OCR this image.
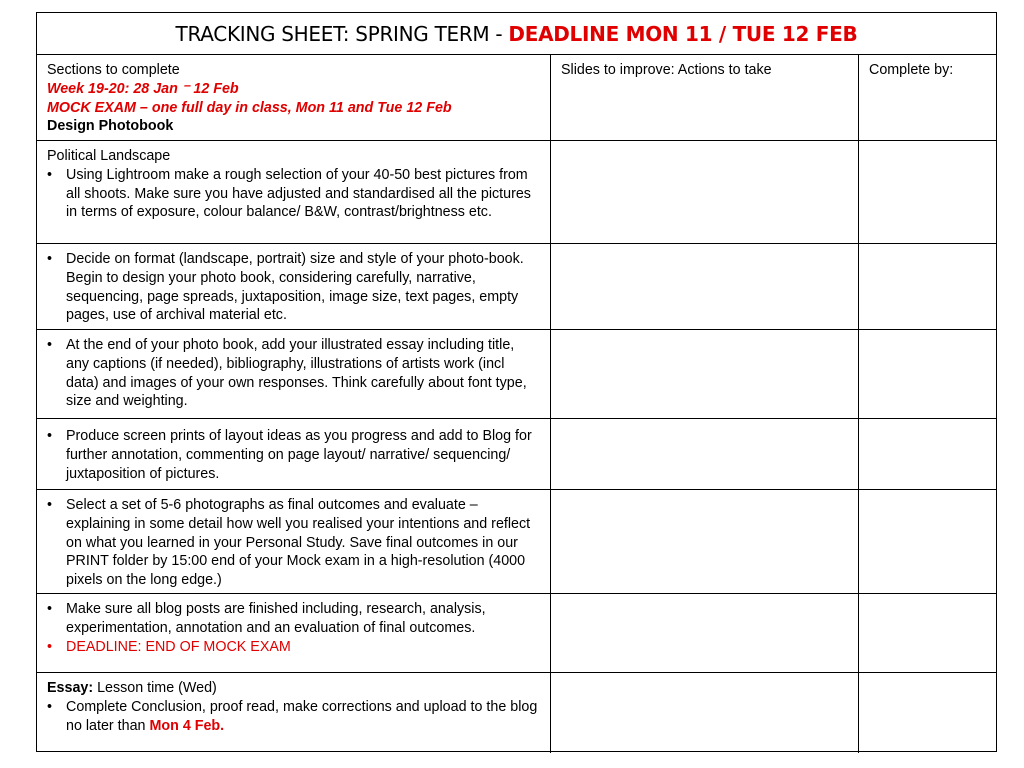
TRACKING SHEET: SPRING TERM - DEADLINE MON 11 / TUE 12 FEB
Sections to complete
Week 19-20: 28 Jan ⁻ 12 Feb
MOCK EXAM – one full day in class, Mon 11 and Tue 12 Feb
Design Photobook
Slides to improve: Actions to take	Complete by:
Political Landscape
• Using Lightroom make a rough selection of your 40-50 best pictures from all shoots. Make sure you have adjusted and standardised all the pictures in terms of exposure, colour balance/ B&W, contrast/brightness etc.
• Decide on format (landscape, portrait) size and style of your photo-book. Begin to design your photo book, considering carefully, narrative, sequencing, page spreads, juxtaposition, image size, text pages, empty pages, use of archival material etc.
• At the end of your photo book, add your illustrated essay including title, any captions (if needed), bibliography, illustrations of artists work (incl data) and images of your own responses. Think carefully about font type, size and weighting.
• Produce screen prints of layout ideas as you progress and add to Blog for further annotation, commenting on page layout/ narrative/ sequencing/ juxtaposition of pictures.
• Select a set of 5-6 photographs as final outcomes and evaluate – explaining in some detail how well you realised your intentions and reflect on what you learned in your Personal Study. Save final outcomes in our PRINT folder by 15:00 end of your Mock exam in a high-resolution (4000 pixels on the long edge.)
• Make sure all blog posts are finished including, research, analysis, experimentation, annotation and an evaluation of final outcomes.
• DEADLINE: END OF MOCK EXAM
Essay: Lesson time (Wed)
• Complete Conclusion, proof read, make corrections and upload to the blog no later than Mon 4 Feb.
